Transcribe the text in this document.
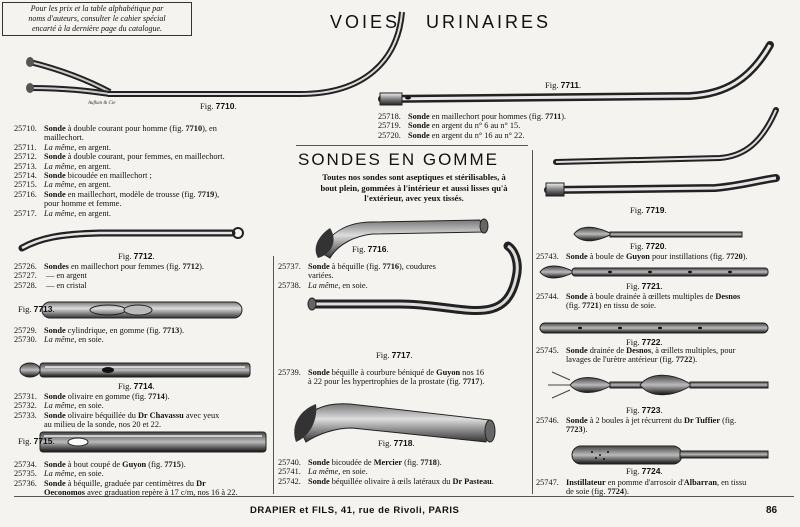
Aufkan & Cie
Pour les prix et la table alphabétique par
noms d'auteurs, consulter le cahier spécial
encarté à la dernière page du catalogue.	VOIES URINAIRES
SONDES EN GOMME
Toutes nos sondes sont aseptiques et stérilisables, à
bout plein, gommées à l'intérieur et aussi lisses qu'à
l'extérieur, avec yeux tissés.
Fig. 7710.
Fig. 7711.
Fig. 7719.
Fig. 7712.
Fig. 7713.
Fig. 7714.
Fig. 7715.
Fig. 7716.
Fig. 7717.
Fig. 7718.
Fig. 7720.
Fig. 7721.
Fig. 7722.
Fig. 7723.
Fig. 7724.
25710. Sonde à double courant pour homme (fig. 7710), en
maillechort.
25711. La même, en argent.
25712. Sonde à double courant, pour femmes, en maillechort.
25713. La même, en argent.
25714. Sonde bicoudée en maillechort ;
25715. La même, en argent.
25716. Sonde en maillechort, modèle de trousse (fig. 7719),
pour homme et femme.
25717. La même, en argent.
25718. Sonde en maillechort pour hommes (fig. 7711).
25719. Sonde en argent du n° 6 au n° 15.
25720. Sonde en argent du n° 16 au n° 22.
25726. Sondes en maillechort pour femmes (fig. 7712).
25727. — en argent
25728. — en cristal
25729. Sonde cylindrique, en gomme (fig. 7713).
25730. La même, en soie.
25731. Sonde olivaire en gomme (fig. 7714).
25732. La même, en soie.
25733. Sonde olivaire béquillée du Dr Chavassu avec yeux
au milieu de la sonde, nos 20 et 22.
25734. Sonde à bout coupé de Guyon (fig. 7715).
25735. La même, en soie.
25736. Sonde à béquille, graduée par centimètres du Dr
Oeconomos avec graduation repère à 17 c/m, nos 16 à 22.
25737. Sonde à béquille (fig. 7716), coudures
variées.
25738. La même, en soie.
25739. Sonde béquille à courbure béniqué de Guyon nos 16
à 22 pour les hypertrophies de la prostate (fig. 7717).
25740. Sonde bicoudée de Mercier (fig. 7718).
25741. La même, en soie.
25742. Sonde béquillée olivaire à œils latéraux du Dr Pasteau.
25743. Sonde à boule de Guyon pour instillations (fig. 7720).
25744. Sonde à boule drainée à œillets multiples de Desnos
(fig. 7721) en tissu de soie.
25745. Sonde drainée de Desnos, à œillets multiples, pour
lavages de l'urètre antérieur (fig. 7722).
25746. Sonde à 2 boules à jet récurrent du Dr Tuffier (fig.
7723).
25747. Instillateur en pomme d'arrosoir d'Albarran, en tissu
de soie (fig. 7724).
DRAPIER et FILS, 41, rue de Rivoli, PARIS	86
